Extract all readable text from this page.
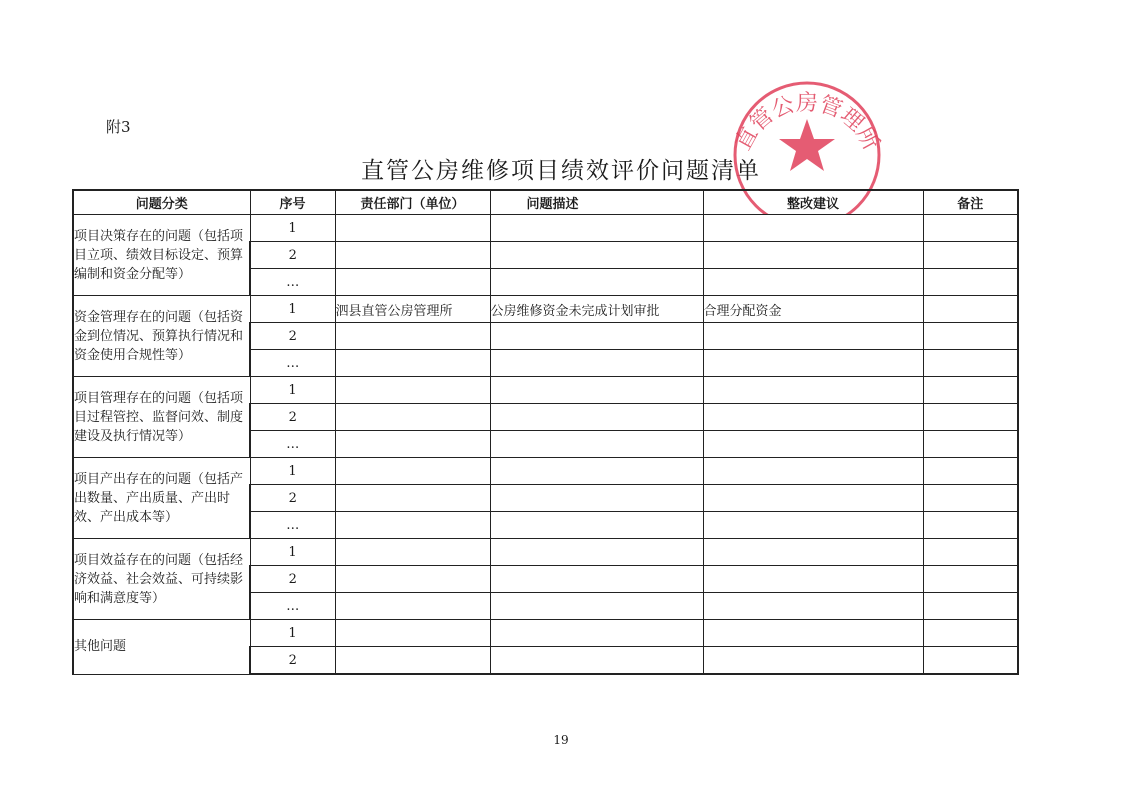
附3
直管公房维修项目绩效评价问题清单
直管公房管理所
问题分类	序号	责任部门（单位）	问题描述	整改建议	备注
项目决策存在的问题（包括项目立项、绩效目标设定、预算编制和资金分配等）	1				
	2				
	…				
资金管理存在的问题（包括资金到位情况、预算执行情况和资金使用合规性等）	1	泗县直管公房管理所	公房维修资金未完成计划审批	合理分配资金	
	2				
	…				
项目管理存在的问题（包括项目过程管控、监督问效、制度建设及执行情况等）	1				
	2				
	…				
项目产出存在的问题（包括产出数量、产出质量、产出时效、产出成本等）	1				
	2				
	…				
项目效益存在的问题（包括经济效益、社会效益、可持续影响和满意度等）	1				
	2				
	…				
其他问题	1				
	2				
19
